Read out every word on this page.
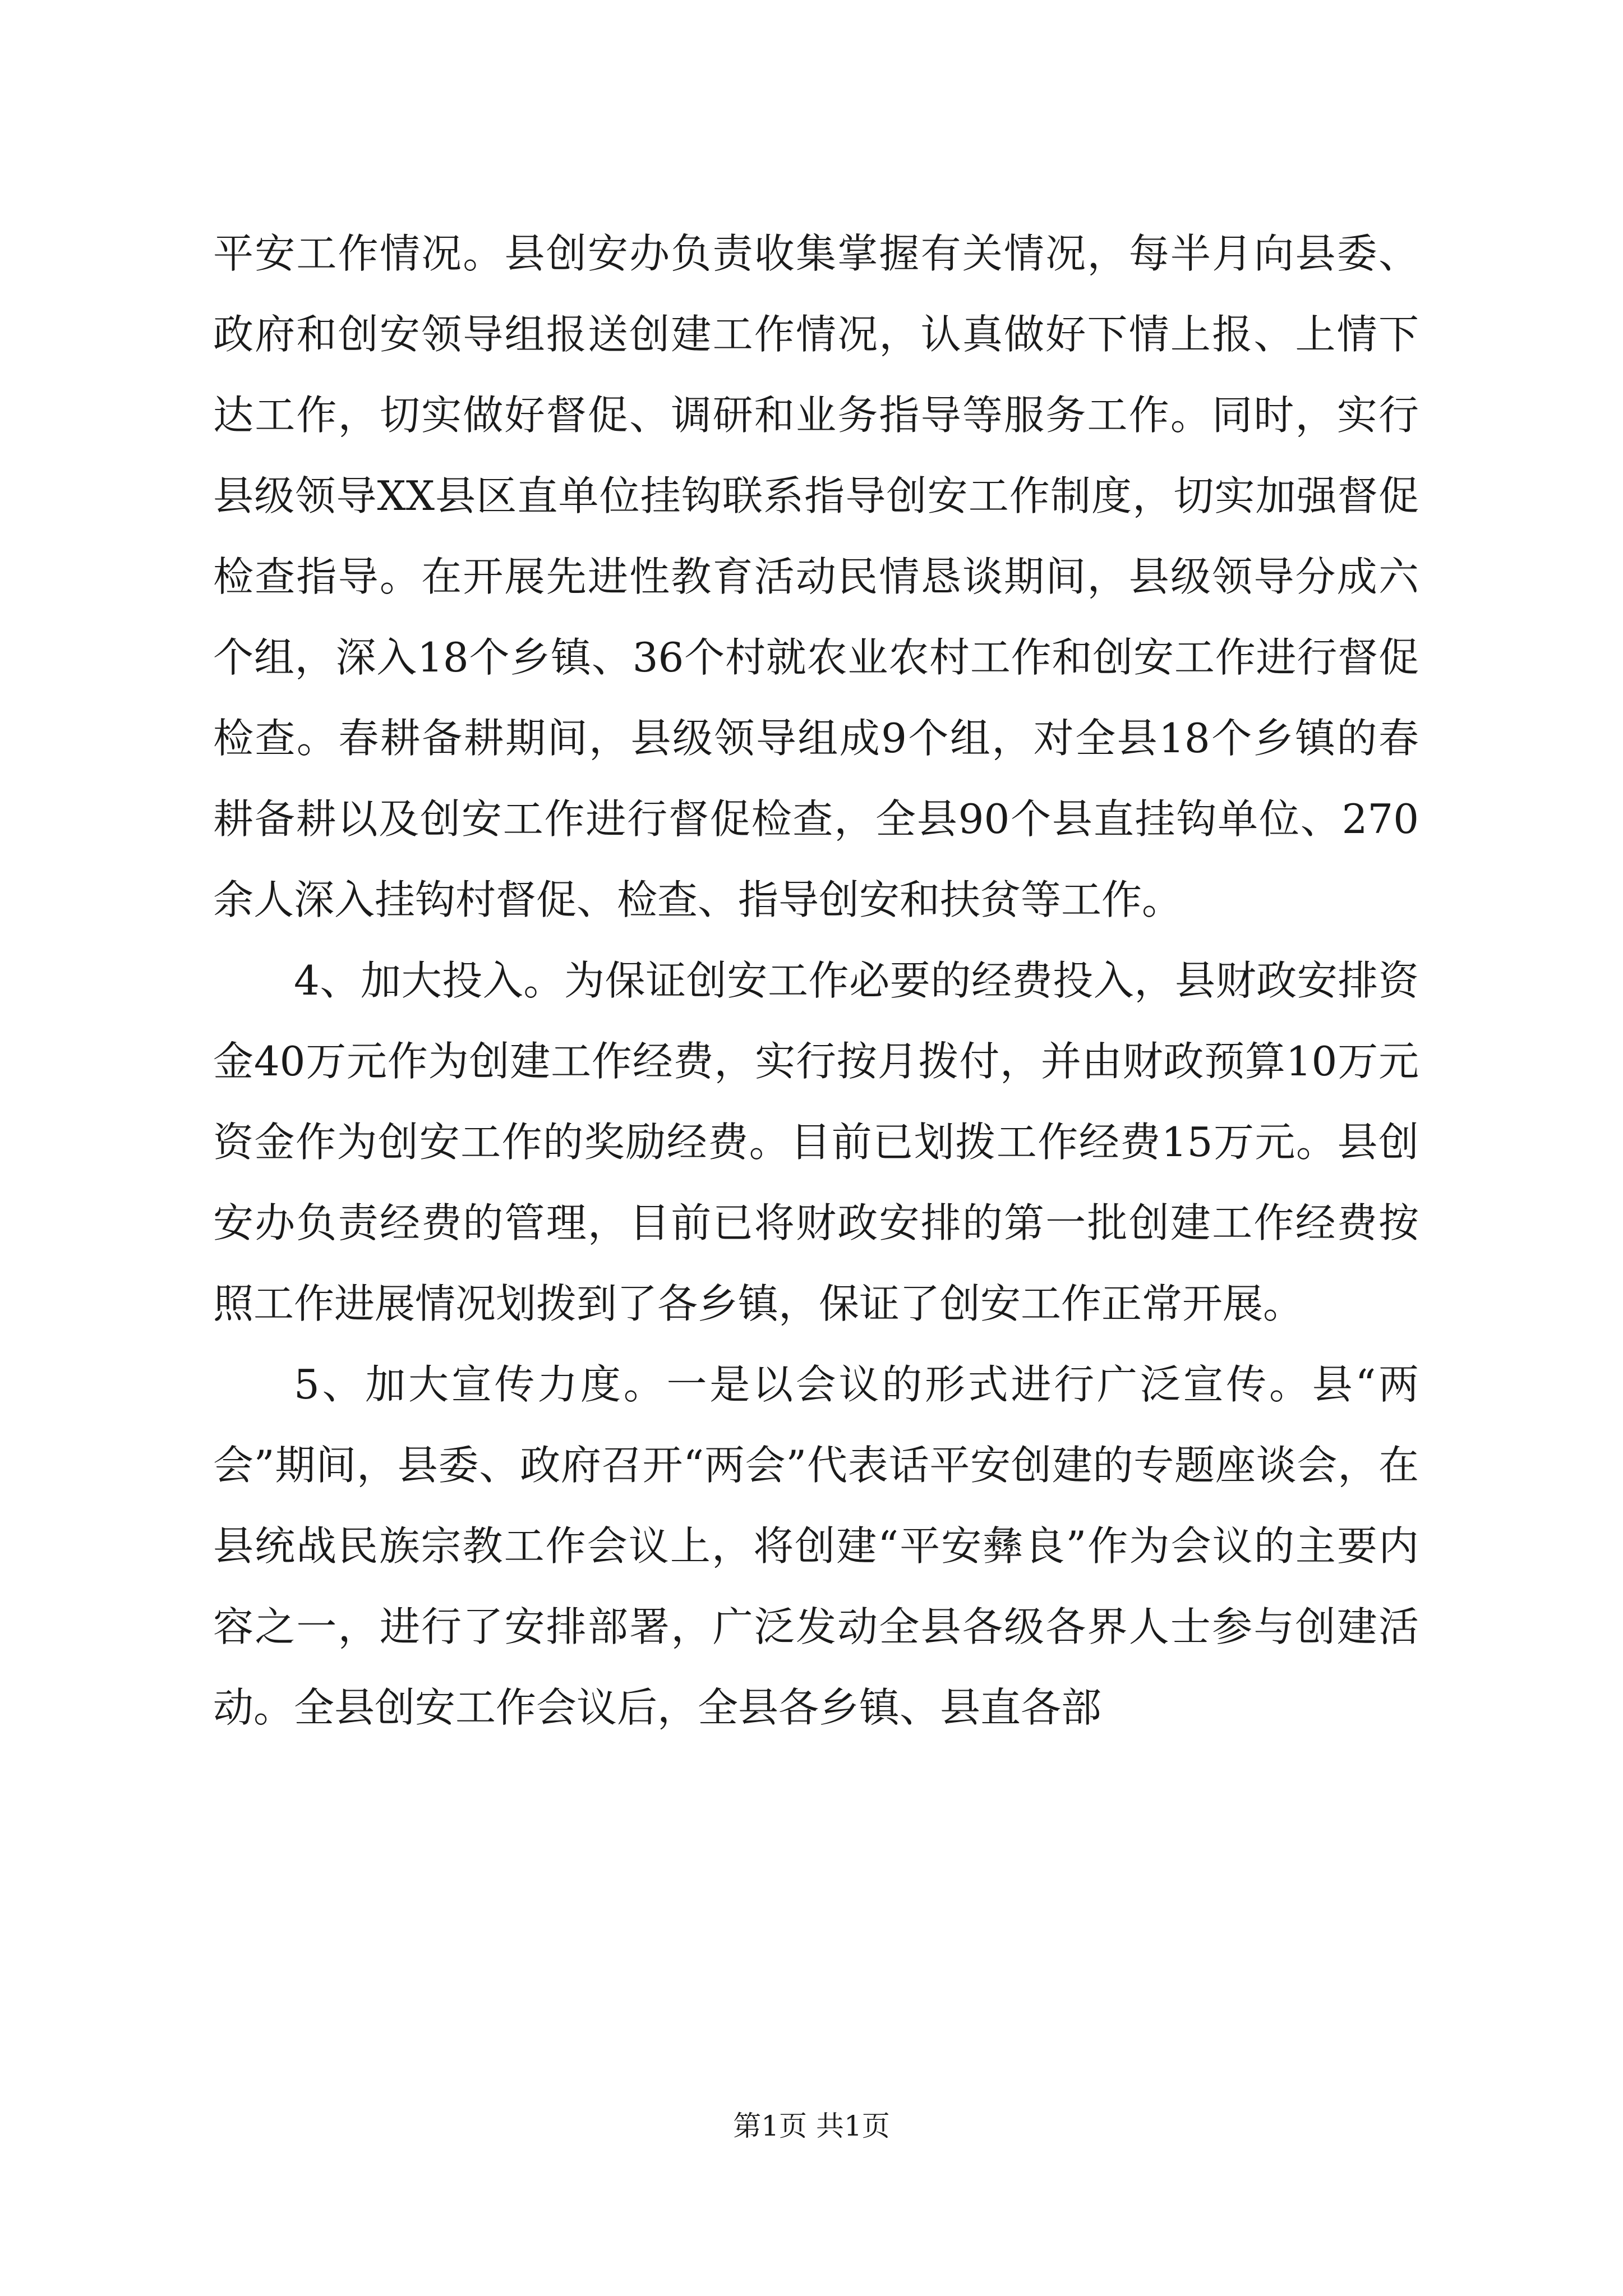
平安工作情况。县创安办负责收集掌握有关情况，每半月向县委、政府和创安领导组报送创建工作情况，认真做好下情上报、上情下达工作，切实做好督促、调研和业务指导等服务工作。同时，实行县级领导XX县区直单位挂钩联系指导创安工作制度，切实加强督促检查指导。在开展先进性教育活动民情恳谈期间，县级领导分成六个组，深入18个乡镇、36个村就农业农村工作和创安工作进行督促检查。春耕备耕期间，县级领导组成9个组，对全县18个乡镇的春耕备耕以及创安工作进行督促检查，全县90个县直挂钩单位、270余人深入挂钩村督促、检查、指导创安和扶贫等工作。

4、加大投入。为保证创安工作必要的经费投入，县财政安排资金40万元作为创建工作经费，实行按月拨付，并由财政预算10万元资金作为创安工作的奖励经费。目前已划拨工作经费15万元。县创安办负责经费的管理，目前已将财政安排的第一批创建工作经费按照工作进展情况划拨到了各乡镇，保证了创安工作正常开展。

5、加大宣传力度。一是以会议的形式进行广泛宣传。县“两会”期间，县委、政府召开“两会”代表话平安创建的专题座谈会，在县统战民族宗教工作会议上，将创建“平安彝良”作为会议的主要内容之一，进行了安排部署，广泛发动全县各级各界人士参与创建活动。全县创安工作会议后，全县各乡镇、县直各部

第1页 共1页
